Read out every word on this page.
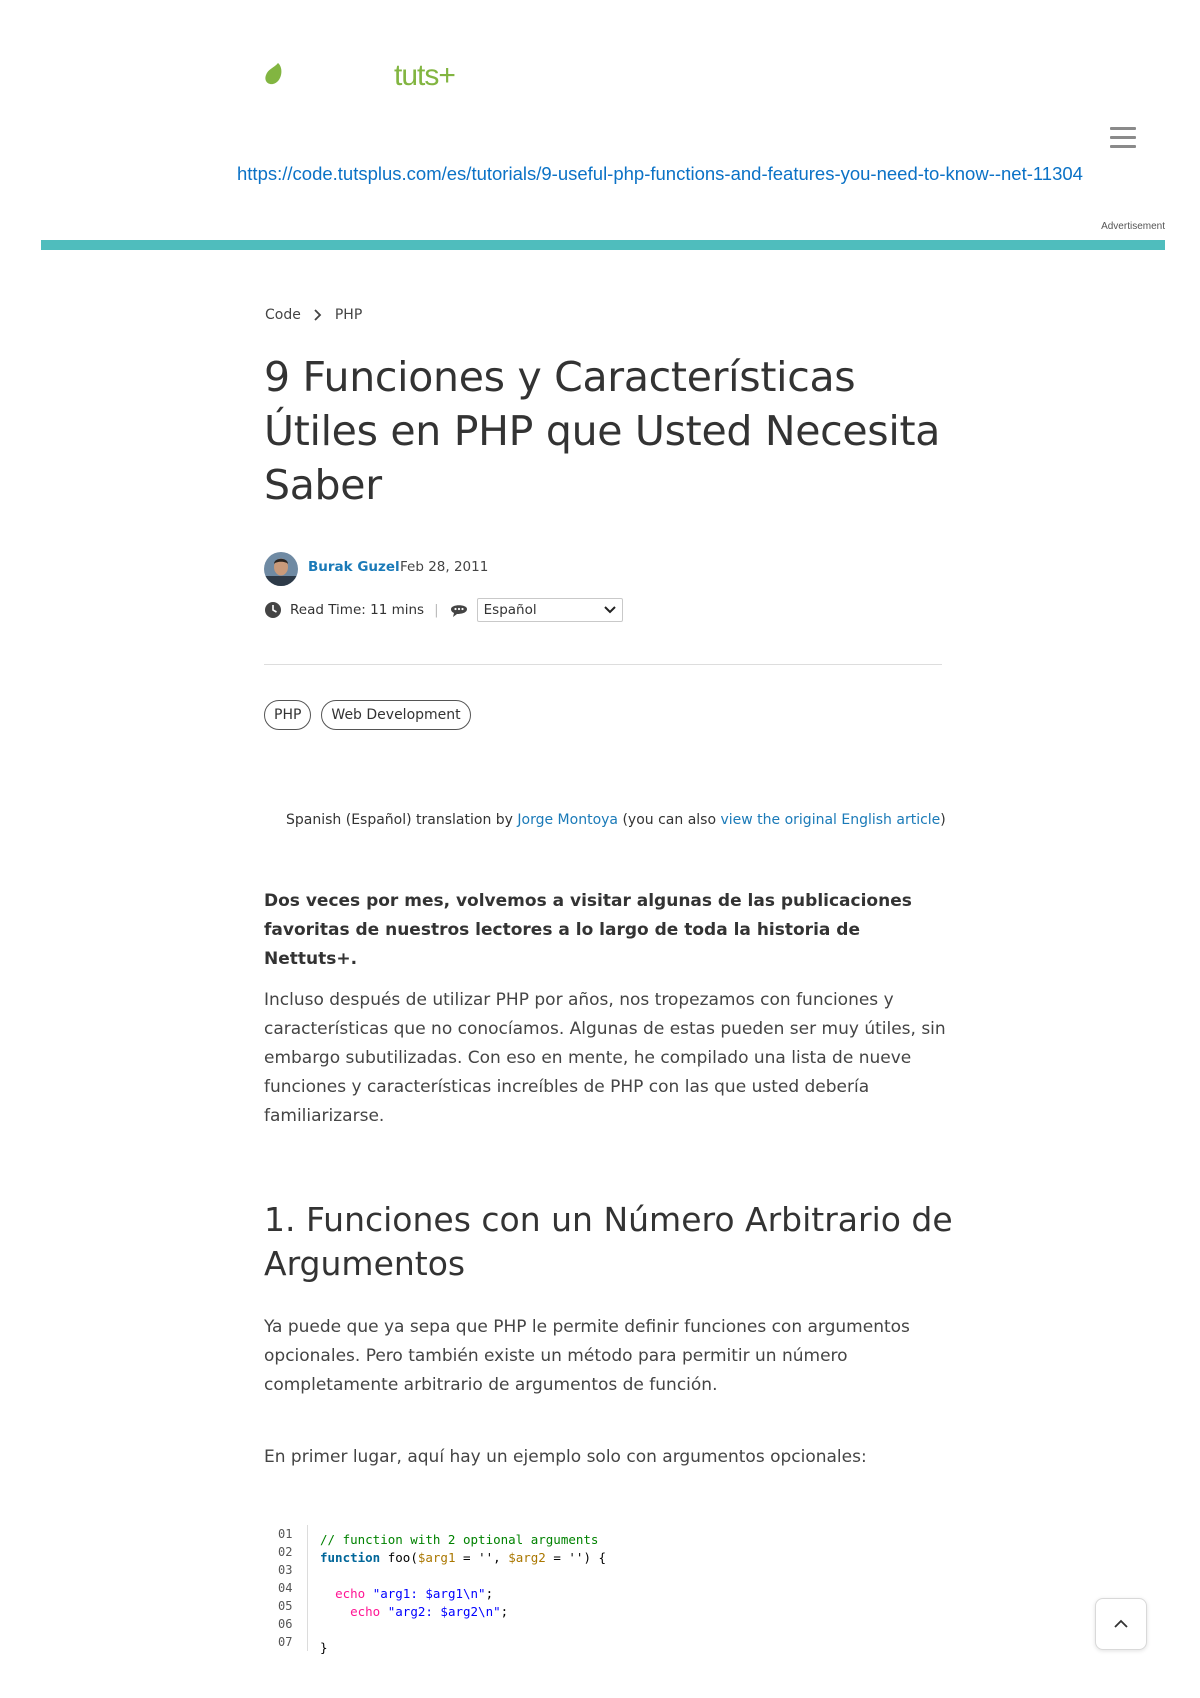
tuts+
https://code.tutsplus.com/es/tutorials/9-useful-php-functions-and-features-you-need-to-know--net-11304
Advertisement
Code PHP
9 Funciones y Características Útiles en PHP que Usted Necesita Saber
Burak Guzel Feb 28, 2011
Read Time:
11 mins |	Español
PHP	Web Development
Spanish (Español) translation by Jorge Montoya (you can also view the original English article)

Dos veces por mes, volvemos a visitar algunas de las publicaciones favoritas de nuestros lectores a lo largo de toda la historia de Nettuts+.

Incluso después de utilizar PHP por años, nos tropezamos con funciones y características que no conocíamos. Algunas de estas pueden ser muy útiles, sin embargo subutilizadas. Con eso en mente, he compilado una lista de nueve funciones y características increíbles de PHP con las que usted debería familiarizarse.

1. Funciones con un Número Arbitrario de Argumentos

Ya puede que ya sepa que PHP le permite definir funciones con argumentos opcionales. Pero también existe un método para permitir un número completamente arbitrario de argumentos de función.

En primer lugar, aquí hay un ejemplo solo con argumentos opcionales:

01
02
03
04
05
06
07
// function with 2 optional arguments
function foo($arg1 = '', $arg2 = '') {

echo "arg1: $arg1\n";
echo "arg2: $arg2\n";

}
